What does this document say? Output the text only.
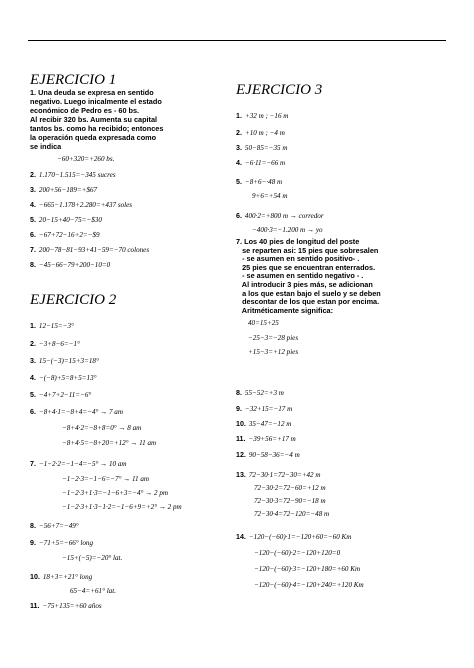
EJERCICIO 1
1. Una deuda se expresa en sentido
negativo. Luego inicalmente el estado
económico de Pedro es - 60 bs.
Al recibir 320 bs. Aumenta su capital
tantos bs. como ha recibido; entonces
la operación queda expresada como
se indica
−60+320=+260 bs.
2. 1.170−1.515=−345 sucres
3. 200+56−189=+$67
4. −665−1.178+2.280=+437 soles
5. 20−15+40−75=−$30
6. −67+72−16+2=−$9
7. 200−78−81−93+41−59=−70 colones
8. −45−66−79+200−10=0
EJERCICIO 2
1. 12−15=−3°
2. −3+8−6=−1°
3. 15−(−3)=15+3=18°
4. −(−8)+5=8+5=13°
5. −4+7+2−11=−6°
6. −8+4·1=−8+4=−4° → 7 am
−8+4·2=−8+8=0° → 8 am
−8+4·5=−8+20=+12° → 11 am
7. −1−2·2=−1−4=−5° → 10 am
−1−2·3=−1−6=−7° → 11 am
−1−2·3+1·3=−1−6+3=−4° → 2 pm
−1−2·3+1·3−1·2=−1−6+9=+2° → 2 pm
8. −56+7=−49°
9. −71+5=−66° long
−15+(−5)=−20° lat.
10. 18+3=+21° long
65−4=+61° lat.
11. −75+135=+60 años
EJERCICIO 3
1. +32 m ; −16 m
2. +10 m ; −4 m
3. 50−85=−35 m
4. −6·11=−66 m
5. −8+6−·48 m
9+6=+54 m
6. 400·2=+800 m → corredor
−400·3=−1.200 m → yo
7. Los 40 pies de longitud del poste
se reparten asi: 15 pies que sobresalen
- se asumen en sentido positivo- .
25 pies que se encuentran enterrados.
- se asumen en sentido negativo - .
Al introducir 3 pies más, se adicionan
a los que estan bajo el suelo y se deben
descontar de los que estan por encima.
Aritméticamente significa:
40=15+25
−25−3=−28 pies
+15−3=+12 pies
8. 55−52=+3 m
9. −32+15=−17 m
10. 35−47=−12 m
11. −39+56=+17 m
12. 90−58−36=−4 m
13. 72−30·1=72−30=+42 m
72−30·2=72−60=+12 m
72−30·3=72−90=−18 m
72−30·4=72−120=−48 m
14. −120−(−60)·1=−120+60=−60 Km
−120−(−60)·2=−120+120=0
−120−(−60)·3=−120+180=+60 Km
−120−(−60)·4=−120+240=+120 Km
